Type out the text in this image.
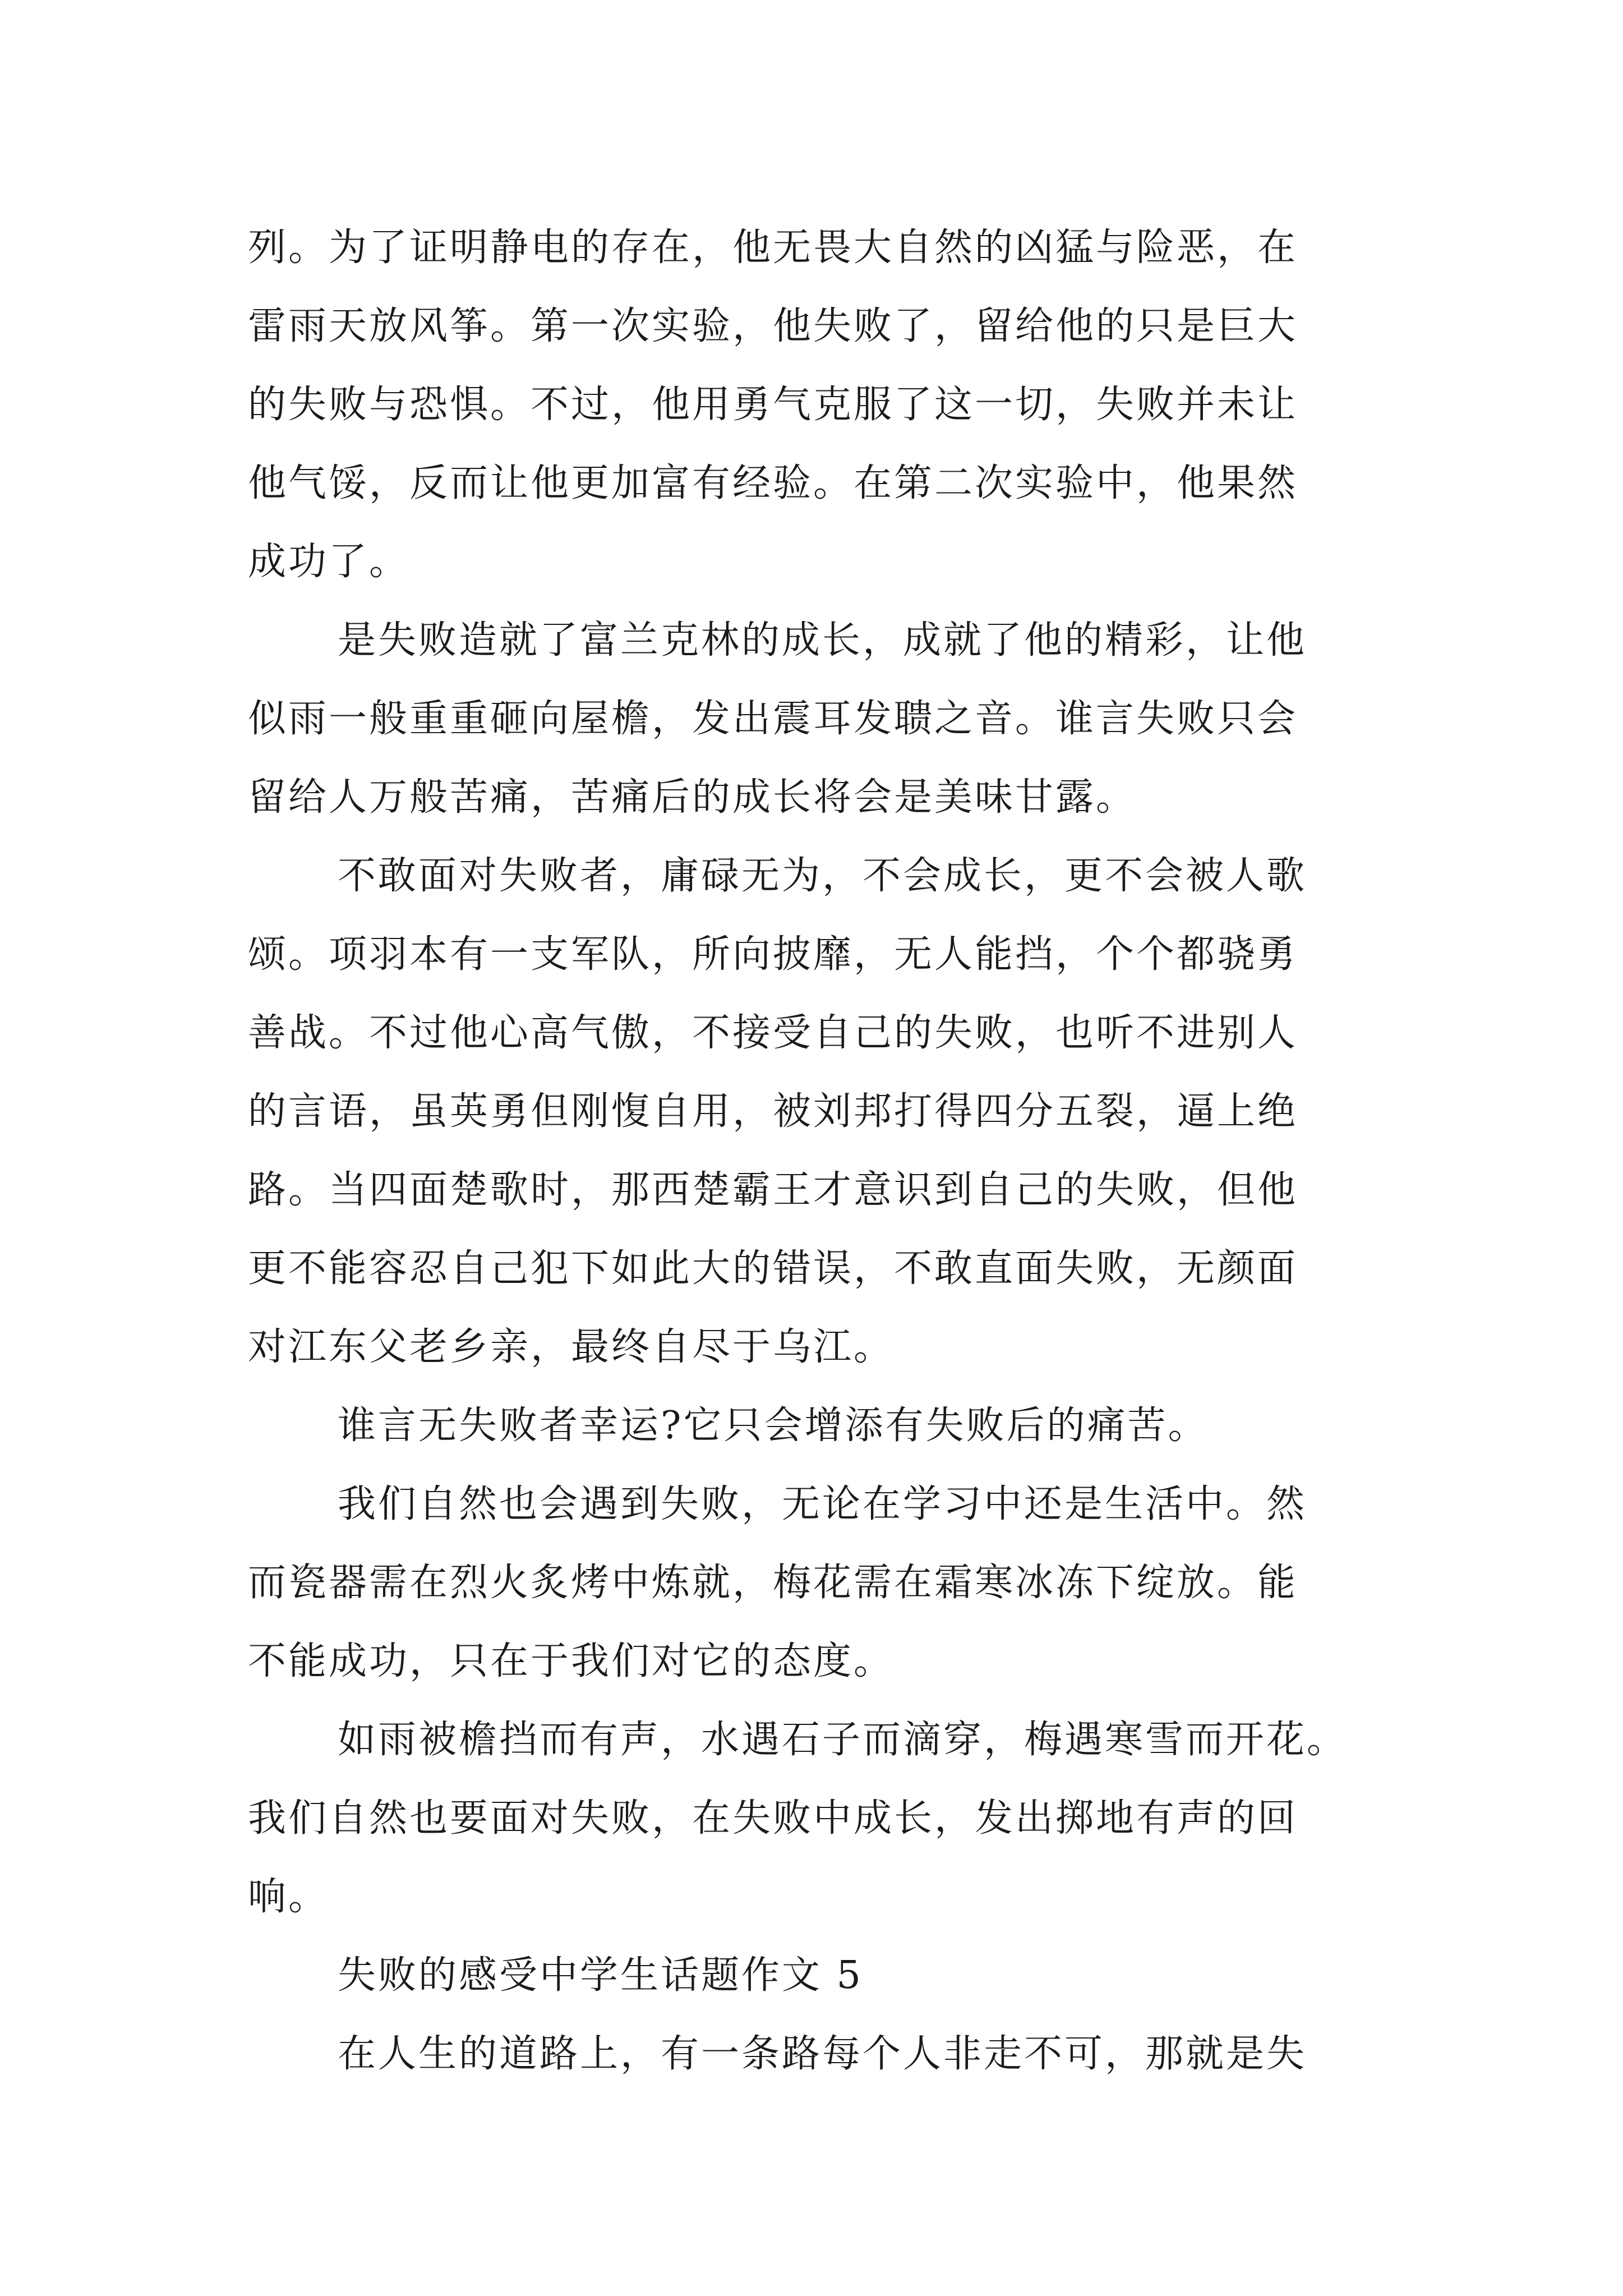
列。为了证明静电的存在，他无畏大自然的凶猛与险恶，在
雷雨天放风筝。第一次实验，他失败了，留给他的只是巨大
的失败与恐惧。不过，他用勇气克服了这一切，失败并未让
他气馁，反而让他更加富有经验。在第二次实验中，他果然
成功了。
是失败造就了富兰克林的成长，成就了他的精彩，让他
似雨一般重重砸向屋檐，发出震耳发聩之音。谁言失败只会
留给人万般苦痛，苦痛后的成长将会是美味甘露。
不敢面对失败者，庸碌无为，不会成长，更不会被人歌
颂。项羽本有一支军队，所向披靡，无人能挡，个个都骁勇
善战。不过他心高气傲，不接受自己的失败，也听不进别人
的言语，虽英勇但刚愎自用，被刘邦打得四分五裂，逼上绝
路。当四面楚歌时，那西楚霸王才意识到自己的失败，但他
更不能容忍自己犯下如此大的错误，不敢直面失败，无颜面
对江东父老乡亲，最终自尽于乌江。
谁言无失败者幸运?它只会增添有失败后的痛苦。
我们自然也会遇到失败，无论在学习中还是生活中。然
而瓷器需在烈火炙烤中炼就，梅花需在霜寒冰冻下绽放。能
不能成功，只在于我们对它的态度。
如雨被檐挡而有声，水遇石子而滴穿，梅遇寒雪而开花。
我们自然也要面对失败，在失败中成长，发出掷地有声的回
响。
失败的感受中学生话题作文 5
在人生的道路上，有一条路每个人非走不可，那就是失
